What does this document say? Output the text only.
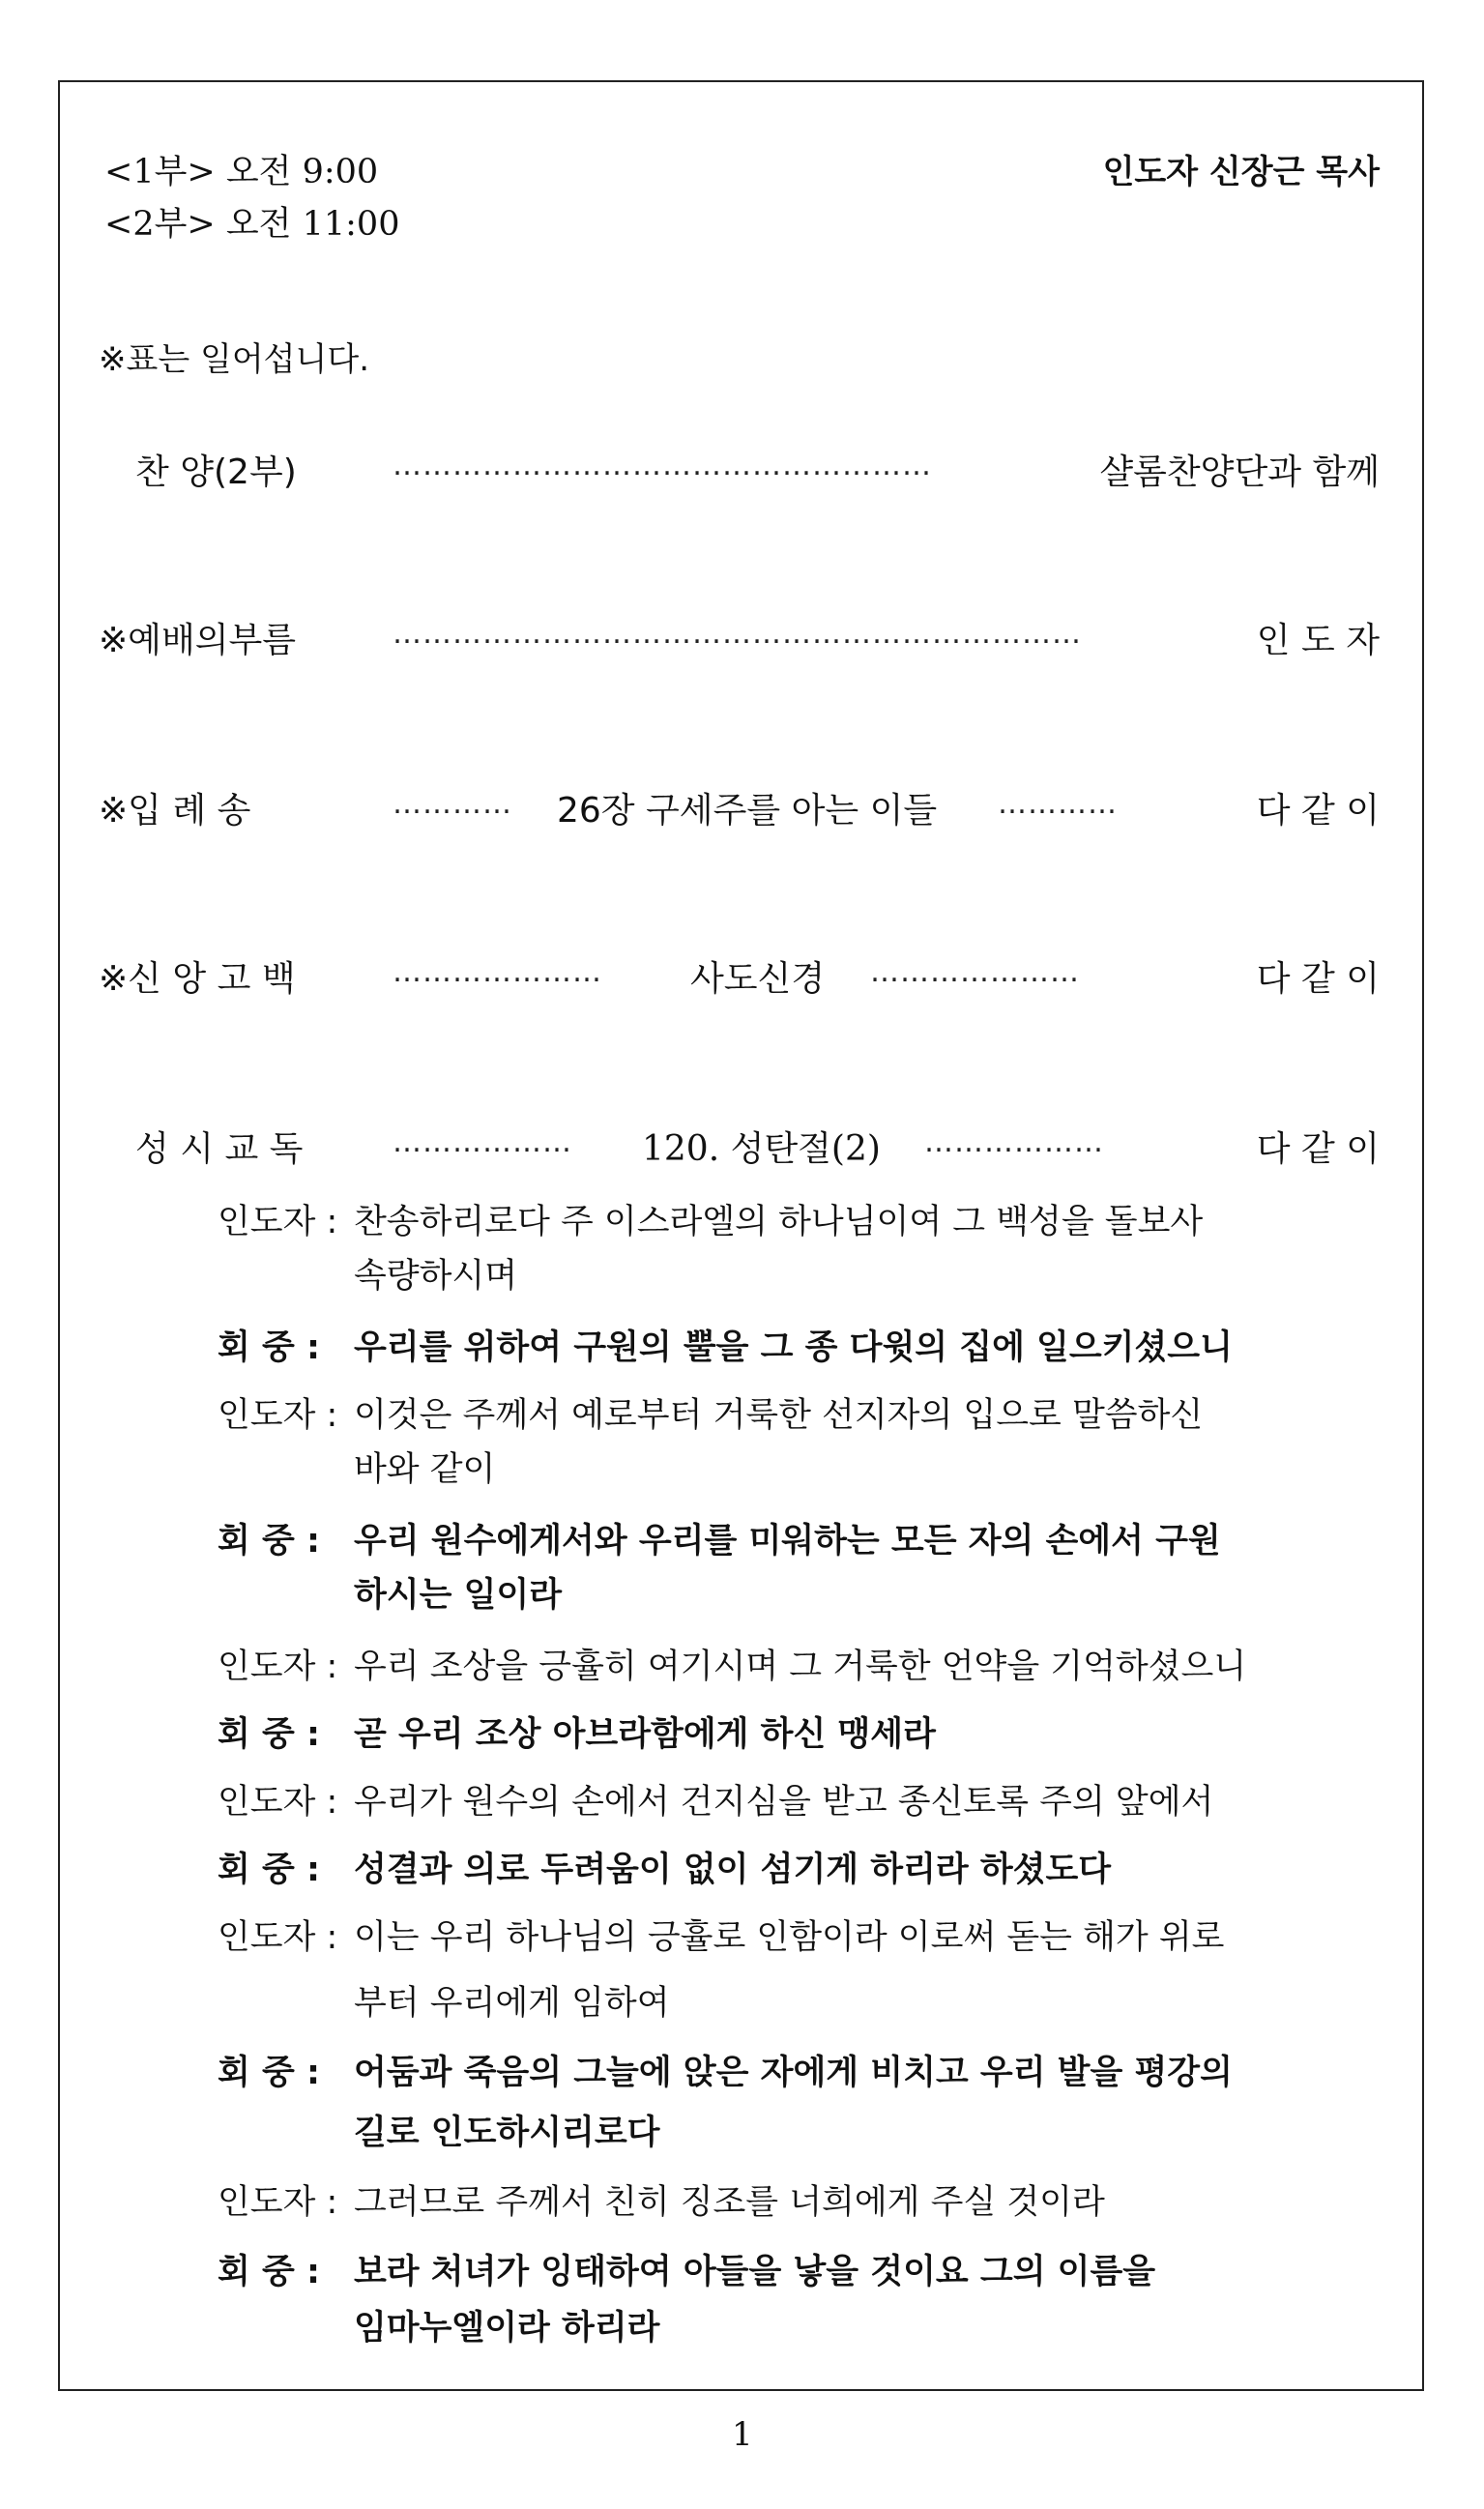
<1부> 오전 9:00
<2부> 오전 11:00
인도자 신장근 목사
※표는 일어섭니다.
찬 양(2부)	………………………………………………	샬롬찬양단과 함께
※예배의부름	……………………………………………………………	인 도 자
※입 례 송	………… 26장 구세주를 아는 이들 …………	다 같 이
※신 앙 고 백	…………………	사도신경 …………………	다 같 이
성 시 교 독	……………… 120. 성탄절(2) ………………	다 같 이
인도자 : 찬송하리로다 주 이스라엘의 하나님이여 그 백성을 돌보사
속량하시며
회 중 : 우리를 위하여 구원의 뿔을 그 종 다윗의 집에 일으키셨으니
인도자 : 이것은 주께서 예로부터 거룩한 선지자의 입으로 말씀하신
바와 같이
회 중 : 우리 원수에게서와 우리를 미워하는 모든 자의 손에서 구원
하시는 일이라
인도자 : 우리 조상을 긍휼히 여기시며 그 거룩한 언약을 기억하셨으니
회 중 : 곧 우리 조상 아브라함에게 하신 맹세라
인도자 : 우리가 원수의 손에서 건지심을 받고 종신토록 주의 앞에서
회 중 : 성결과 의로 두려움이 없이 섬기게 하리라 하셨도다
인도자 : 이는 우리 하나님의 긍휼로 인함이라 이로써 돋는 해가 위로
부터 우리에게 임하여
회 중 : 어둠과 죽음의 그늘에 앉은 자에게 비치고 우리 발을 평강의
길로 인도하시리로다
인도자 : 그러므로 주께서 친히 징조를 너희에게 주실 것이라
회 중 : 보라 처녀가 잉태하여 아들을 낳을 것이요 그의 이름을
임마누엘이라 하리라
1
